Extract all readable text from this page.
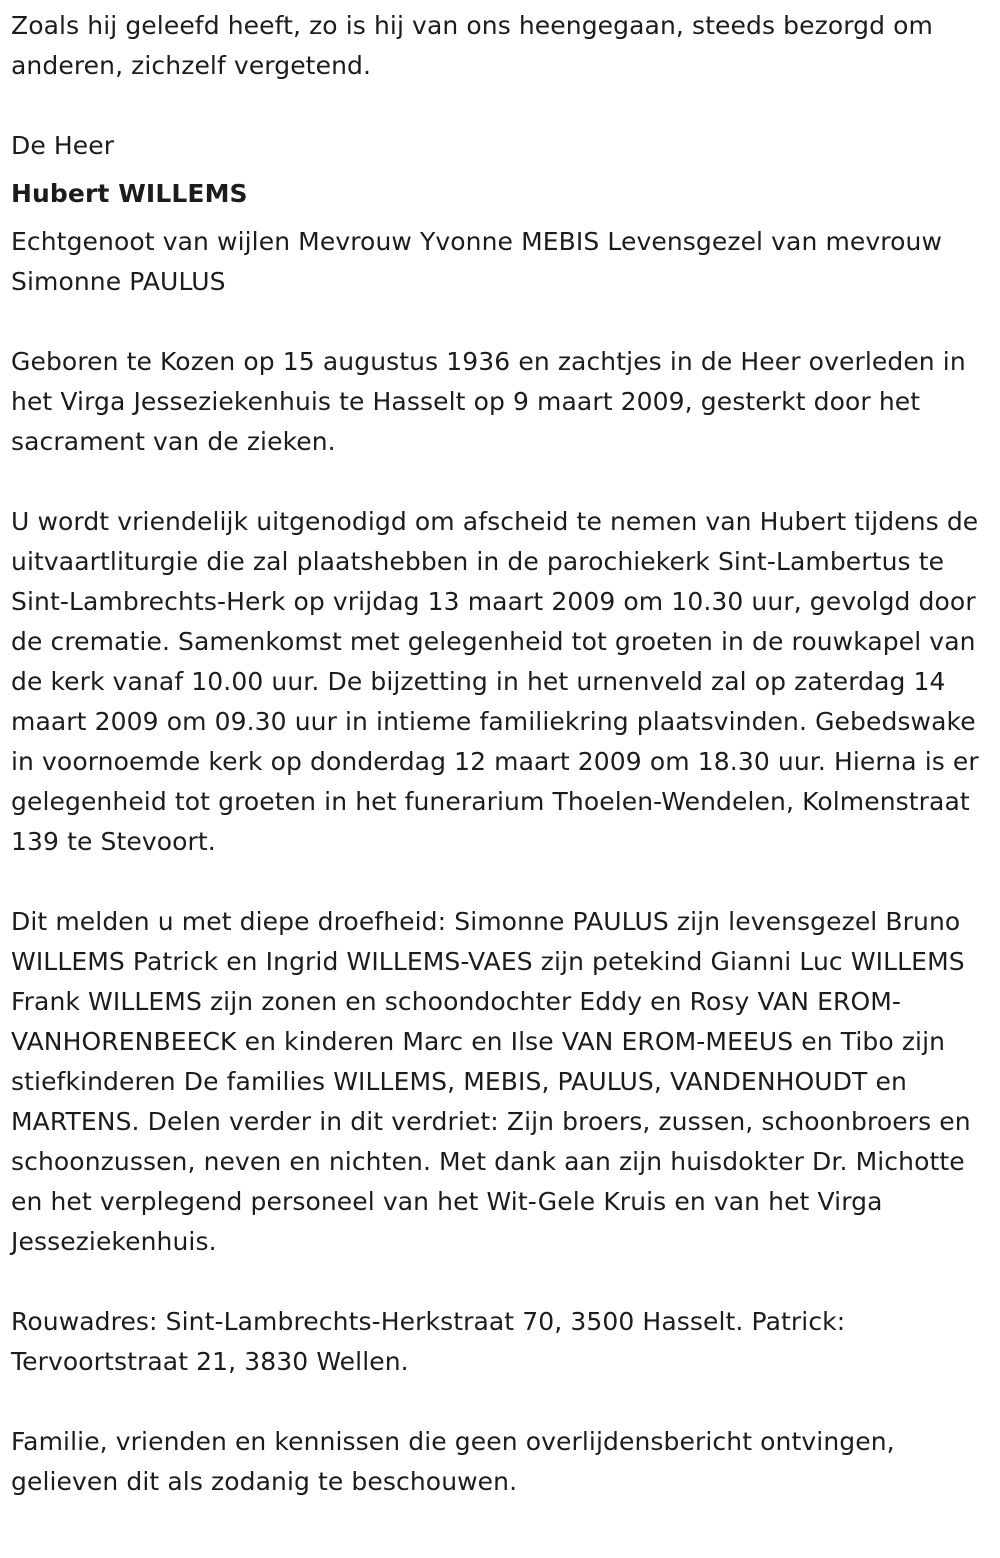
Zoals hij geleefd heeft, zo is hij van ons heengegaan, steeds bezorgd om anderen, zichzelf vergetend.

De Heer

Hubert WILLEMS

Echtgenoot van wijlen Mevrouw Yvonne MEBIS Levensgezel van mevrouw Simonne PAULUS

Geboren te Kozen op 15 augustus 1936 en zachtjes in de Heer overleden in het Virga Jesseziekenhuis te Hasselt op 9 maart 2009, gesterkt door het sacrament van de zieken.

U wordt vriendelijk uitgenodigd om afscheid te nemen van Hubert tijdens de uitvaartliturgie die zal plaatshebben in de parochiekerk Sint-Lambertus te Sint-Lambrechts-Herk op vrijdag 13 maart 2009 om 10.30 uur, gevolgd door de crematie. Samenkomst met gelegenheid tot groeten in de rouwkapel van de kerk vanaf 10.00 uur. De bijzetting in het urnenveld zal op zaterdag 14 maart 2009 om 09.30 uur in intieme familiekring plaatsvinden. Gebedswake in voornoemde kerk op donderdag 12 maart 2009 om 18.30 uur. Hierna is er gelegenheid tot groeten in het funerarium Thoelen-Wendelen, Kolmenstraat 139 te Stevoort.

Dit melden u met diepe droefheid: Simonne PAULUS zijn levensgezel Bruno WILLEMS Patrick en Ingrid WILLEMS-VAES zijn petekind Gianni Luc WILLEMS Frank WILLEMS zijn zonen en schoondochter Eddy en Rosy VAN EROM-VANHORENBEECK en kinderen Marc en Ilse VAN EROM-MEEUS en Tibo zijn stiefkinderen De families WILLEMS, MEBIS, PAULUS, VANDENHOUDT en MARTENS. Delen verder in dit verdriet: Zijn broers, zussen, schoonbroers en schoonzussen, neven en nichten. Met dank aan zijn huisdokter Dr. Michotte en het verplegend personeel van het Wit-Gele Kruis en van het Virga Jesseziekenhuis.

Rouwadres: Sint-Lambrechts-Herkstraat 70, 3500 Hasselt. Patrick: Tervoortstraat 21, 3830 Wellen.

Familie, vrienden en kennissen die geen overlijdensbericht ontvingen, gelieven dit als zodanig te beschouwen.
